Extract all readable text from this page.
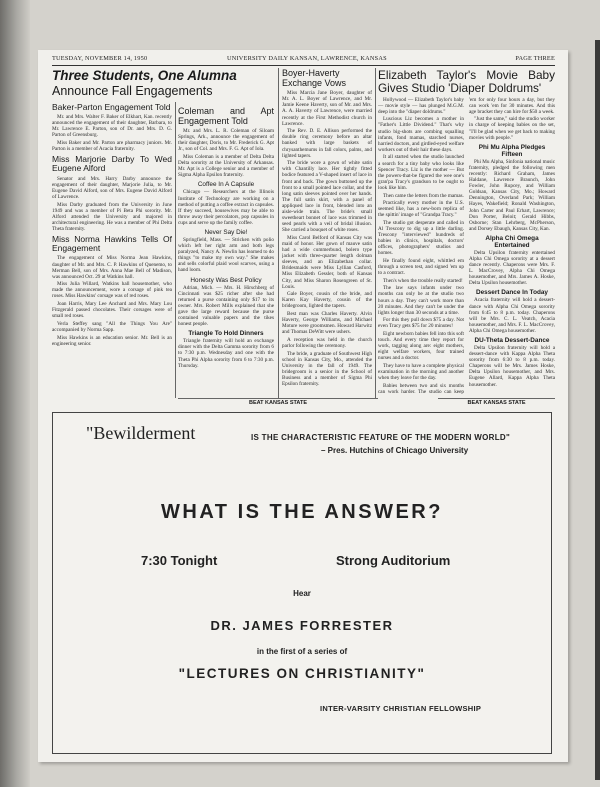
TUESDAY, NOVEMBER 14, 1950	UNIVERSITY DAILY KANSAN, LAWRENCE, KANSAS	PAGE THREE
Three Students, One Alumna
Announce Fall Engagements
Baker-Parton Engagement Told

Mr. and Mrs. Walter F. Baker of Elkhart, Kan. recently announced the engagement of their daughter, Barbara, to Mr. Lawrence E. Parton, son of Dr. and Mrs. D. G. Parton of Greensburg.

Miss Baker and Mr. Parton are pharmacy juniors. Mr. Parton is a member of Acacia fraternity.

Miss Marjorie Darby To Wed Eugene Alford

Senator and Mrs. Harry Darby announce the engagement of their daughter, Marjorie Julia, to Mr. Eugene David Alford, son of Mrs. Eugene David Alford of Lawrence.

Miss Darby graduated from the University in June 1949 and was a member of Pi Beta Phi sorority. Mr. Alford attended the University and majored in architectural engineering. He was a member of Phi Delta Theta fraternity.

Miss Norma Hawkins Tells Of Engagement

The engagement of Miss Norma Jean Hawkins, daughter of Mr. and Mrs. C. P. Hawkins of Quenemo, to Merman Bell, son of Mrs. Anna Mae Bell of Madison, was announced Oct. 29 at Watkins hall.

Miss Julia Willard, Watkins hall housemother, who made the announcement, wore a corsage of pink tea roses. Miss Hawkins' corsage was of red roses.

Joan Harris, Mary Lee Anchard and Mrs. Mary Lou Fitzgerald passed chocolates. Their corsages were of small red roses.

Verla Steffey sang "All the Things You Are" accompanied by Norma Sapp.

Miss Hawkins is an education senior. Mr. Bell is an engineering senior.

Coleman and Apt Engagement Told

Mr. and Mrs. L. R. Coleman of Siloam Springs, Ark., announce the engagement of their daughter, Doris, to Mr. Frederick G. Apt Jr., son of Col. and Mrs. F. G. Apt of Iola.

Miss Coleman is a member of Delta Delta Delta sorority at the University of Arkansas. Mr. Apt is a College senior and a member of Sigma Alpha Epsilon fraternity.

Coffee In A Capsule

Chicago — Researchers at the Illinois Institute of Technology are working on a method of putting a coffee extract in capsules. If they succeed, housewives may be able to throw away their percolators, pop capsules in cups and serve up the family coffee.

Never Say Die!

Springfield, Mass. — Stricken with polio which left her right arm and both legs paralyzed, Nancy A. Newlin has learned to do things "to make my own way." She makes and sells colorful plaid wool scarves, using a hand loom.

Honesty Was Best Policy

Adrian, Mich. — Mrs. H. Hirschberg of Cincinnati was $25 richer after she had returned a purse containing only $17 to its owner. Mrs. Robert Mills explained that she gave the large reward because the purse contained valuable papers and the tikes honest people.

Triangle To Hold Dinners

Triangle fraternity will hold an exchange dinner with the Delta Gamma sorority from 6 to 7:30 p.m. Wednesday and one with the Theta Phi Alpha sorority from 6 to 7:30 p.m. Thursday.

Boyer-Haverty Exchange Vows

Miss Marcia Jane Boyer, daughter of Mr. A. L. Boyer of Lawrence, and Mr. Jamie Keene Haverty, son of Mr. and Mrs. A. A. Haverty of Lawrence, were married recently at the First Methodist church in Lawrence.

The Rev. D. E. Allison performed the double ring ceremony before an altar banked with large baskets of chrysanthemums in fall colors, palms, and lighted tapers.

The bride wore a gown of white satin with Chantilly lace. Her tightly fitted bodice featured a V-shaped insert of lace in front and back. The gown buttoned up the front to a small pointed lace collar, and the long satin sleeves pointed over her hands. The full satin skirt, with a panel of appliqued lace in front, blended into an aisle-wide train. The bride's small sweetheart bonnet of lace was trimmed in seed pearls with a veil of bridal illusion. She carried a bouquet of white roses.

Miss Carol Belford of Kansas City was maid of honor. Her gown of mauve satin had a wide cummerbund, bolero type jacket with three-quarter length dolman sleeves, and an Elizabethan collar. Bridesmaids were Miss Lyllian Casford, Miss Elizabeth Gessler, both of Kansas City, and Miss Sharon Rosengreen of St. Louis.

Gale Boyer, cousin of the bride, and Karen Kay Haverty, cousin of the bridegroom, lighted the tapers.

Best man was Charles Haverty. Alvin Haverty, George Williams, and Michael Moture were groomsmen. Howard Harwitz and Thomas DeWitt were ushers.

A reception was held in the church parlor following the ceremony.

The bride, a graduate of Southwest High school in Kansas City, Mo., attended the University in the fall of 1949. The bridegroom is a senior in the School of Business and a member of Sigma Phi Epsilon fraternity.

Elizabeth Taylor's Movie Baby Gives Studio 'Diaper Doldrums'

Hollywood — Elizabeth Taylor's baby — movie style — has plunged M.G.M. deep into the "diaper doldrums."

Luscious Liz becomes a mother in "Father's Little Dividend." That's why studio big-shots are combing squalling infants, fond mamas, starched nurses, harried doctors, and girdled-eyed welfare workers out of their hair these days.

It all started when the studio launched a search for a tiny baby who looks like Spencer Tracy. Liz is the mother — But the powers-that-be figured the wee one's gran'pa Tracy's grandson to be ought to look like him.

Then came the letters from the mamas.

Practically every mother in the U.S. seemed like, has a new-born replica of the spittin' image of "Grandpa Tracy."

The studio got desperate and called in Al Trescony to dig up a little darling. Trescony "interviewed" hundreds of babies in clinics, hospitals, doctors' offices, photographers' studios and homes.

He finally found eight, whittled em through a screen test, and signed 'em up to a contract.

Then's when the trouble really started!

The law says infants under two months can only be at the studio two hours a day. They can't work more than 20 minutes. And they can't be under the lights longer than 30 seconds at a time.

For this they pull down $75 a day. Not even Tracy gets $75 for 20 minutes!

Eight newborn babies fell into this soft touch. And every time they report for work, tagging along are: eight mothers, eight welfare workers, four trained nurses and a doctor.

They have to have a complete physical examination in the morning and another when they leave for the day.

Babies between two and six months can work harder. The studio can keep 'em for only four hours a day, but they can work 'em for 30 minutes. And this age bracket they can hire for $50 a week.

"Just the same," said the studio worker in charge of keeping babies on the set, "I'll be glad when we get back to making movies with people."

Phi Mu Alpha Pledges Fifteen

Phi Mu Alpha, Sinfonia national music fraternity, pledged the following men recently: Richard Graham, James Haldane, Lawrence Braunch, John Fowler, John Rupcey, and William Goldsan, Kansas City, Mo.; Howard Dennington, Overland Park; William Hayes, Wakefield; Ronald Washington, John Carter and Paul Erhart, Lawrence; Don Porter, Beloit; Gerald Hibbs, Osborne; Stan Lehrberg, McPherson, and Dorsey Ebaugh, Kansas City, Kan.

Alpha Chi Omega Entertained

Delta Upsilon fraternity entertained Alpha Chi Omega sorority at a dessert dance recently. Chaperons were Mrs. F. L. MacCrovey, Alpha Chi Omega housemother, and Mrs. James A. Hoske, Delta Upsilon housemother.

Dessert Dance In Today

Acacia fraternity will hold a dessert-dance with Alpha Chi Omega sorority from 6:45 to 8 p.m. today. Chaperons will be Mrs. C. L. Veatch, Acacia housemother, and Mrs. F. L. MacCrovey, Alpha Chi Omega housemother.

DU-Theta Dessert-Dance

Delta Upsilon fraternity will hold a dessert-dance with Kappa Alpha Theta sorority from 6:30 to 8 p.m. today. Chaperons will be Mrs. James Hoske, Delta Upsilon housemother, and Mrs. Eugene Allard, Kappa Alpha Theta housemother.

BEAT KANSAS STATE	BEAT KANSAS STATE
"Bewilderment	IS THE CHARACTERISTIC FEATURE OF THE MODERN WORLD"
– Pres. Hutchins of Chicago University
WHAT IS THE ANSWER?
7:30 Tonight	Strong Auditorium
Hear
DR. JAMES FORRESTER
in the first of a series of
"LECTURES ON CHRISTIANITY"
INTER-VARSITY CHRISTIAN FELLOWSHIP
